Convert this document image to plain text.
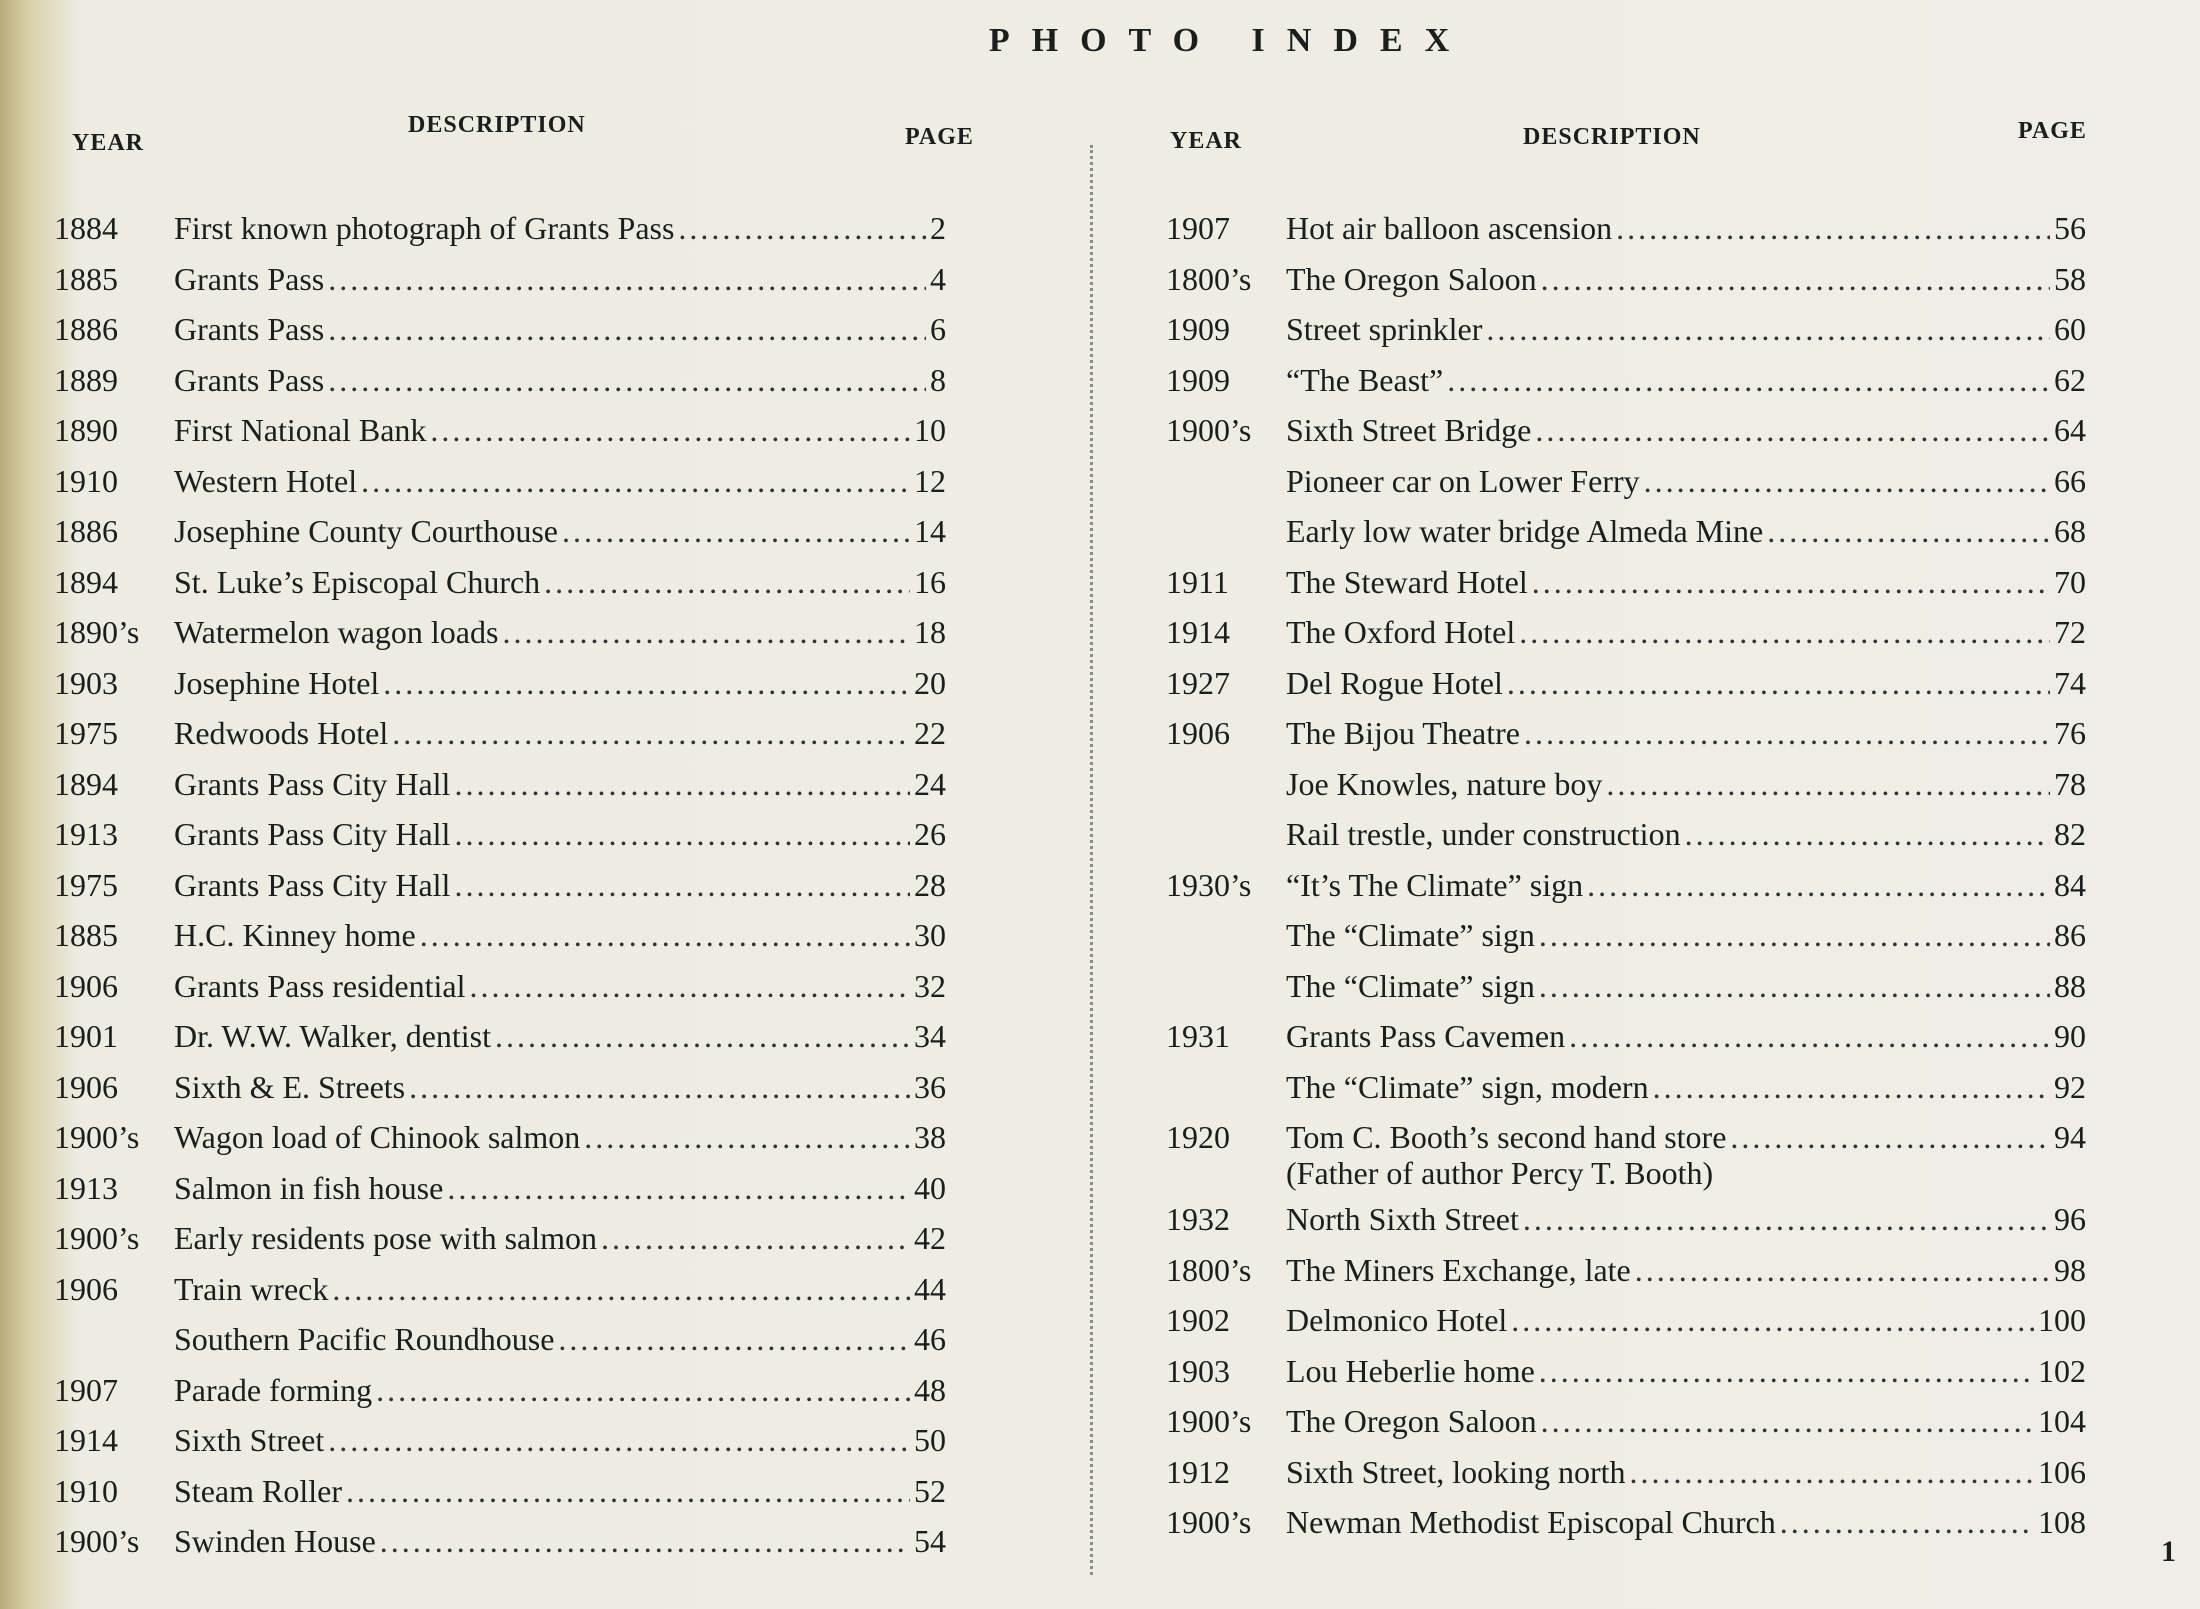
PHOTO INDEX
YEAR
DESCRIPTION	PAGE	YEAR	DESCRIPTION	PAGE
1884	First known photograph of Grants Pass .....	2
1885	Grants Pass .....	4
1886	Grants Pass .....	6
1889	Grants Pass .....	8
1890	First National Bank .....	10
1910	Western Hotel .....	12
1886	Josephine County Courthouse .....	14
1894	St. Luke’s Episcopal Church .....	16
1890’s	Watermelon wagon loads .....	18
1903	Josephine Hotel .....	20
1975	Redwoods Hotel .....	22
1894	Grants Pass City Hall .....	24
1913	Grants Pass City Hall .....	26
1975	Grants Pass City Hall .....	28
1885	H.C. Kinney home .....	30
1906	Grants Pass residential .....	32
1901	Dr. W.W. Walker, dentist .....	34
1906	Sixth & E. Streets .....	36
1900’s	Wagon load of Chinook salmon .....	38
1913	Salmon in fish house .....	40
1900’s	Early residents pose with salmon .....	42
1906	Train wreck .....	44
Southern Pacific Roundhouse .....	46
1907	Parade forming .....	48
1914	Sixth Street .....	50
1910	Steam Roller .....	52
1900’s	Swinden House .....	54
1907	Hot air balloon ascension .....	56
1800’s	The Oregon Saloon .....	58
1909	Street sprinkler .....	60
1909	“The Beast” .....	62
1900’s	Sixth Street Bridge .....	64
Pioneer car on Lower Ferry .....	66
Early low water bridge Almeda Mine .....	68
1911	The Steward Hotel .....	70
1914	The Oxford Hotel .....	72
1927	Del Rogue Hotel .....	74
1906	The Bijou Theatre .....	76
Joe Knowles, nature boy .....	78
Rail trestle, under construction .....	82
1930’s	“It’s The Climate” sign .....	84
The “Climate” sign .....	86
The “Climate” sign .....	88
1931	Grants Pass Cavemen .....	90
The “Climate” sign, modern .....	92
1920	Tom C. Booth’s second hand store .....	94
(Father of author Percy T. Booth)
1932	North Sixth Street .....	96
1800’s	The Miners Exchange, late .....	98
1902	Delmonico Hotel .....	100
1903	Lou Heberlie home .....	102
1900’s	The Oregon Saloon .....	104
1912	Sixth Street, looking north .....	106
1900’s	Newman Methodist Episcopal Church .....	108
1
